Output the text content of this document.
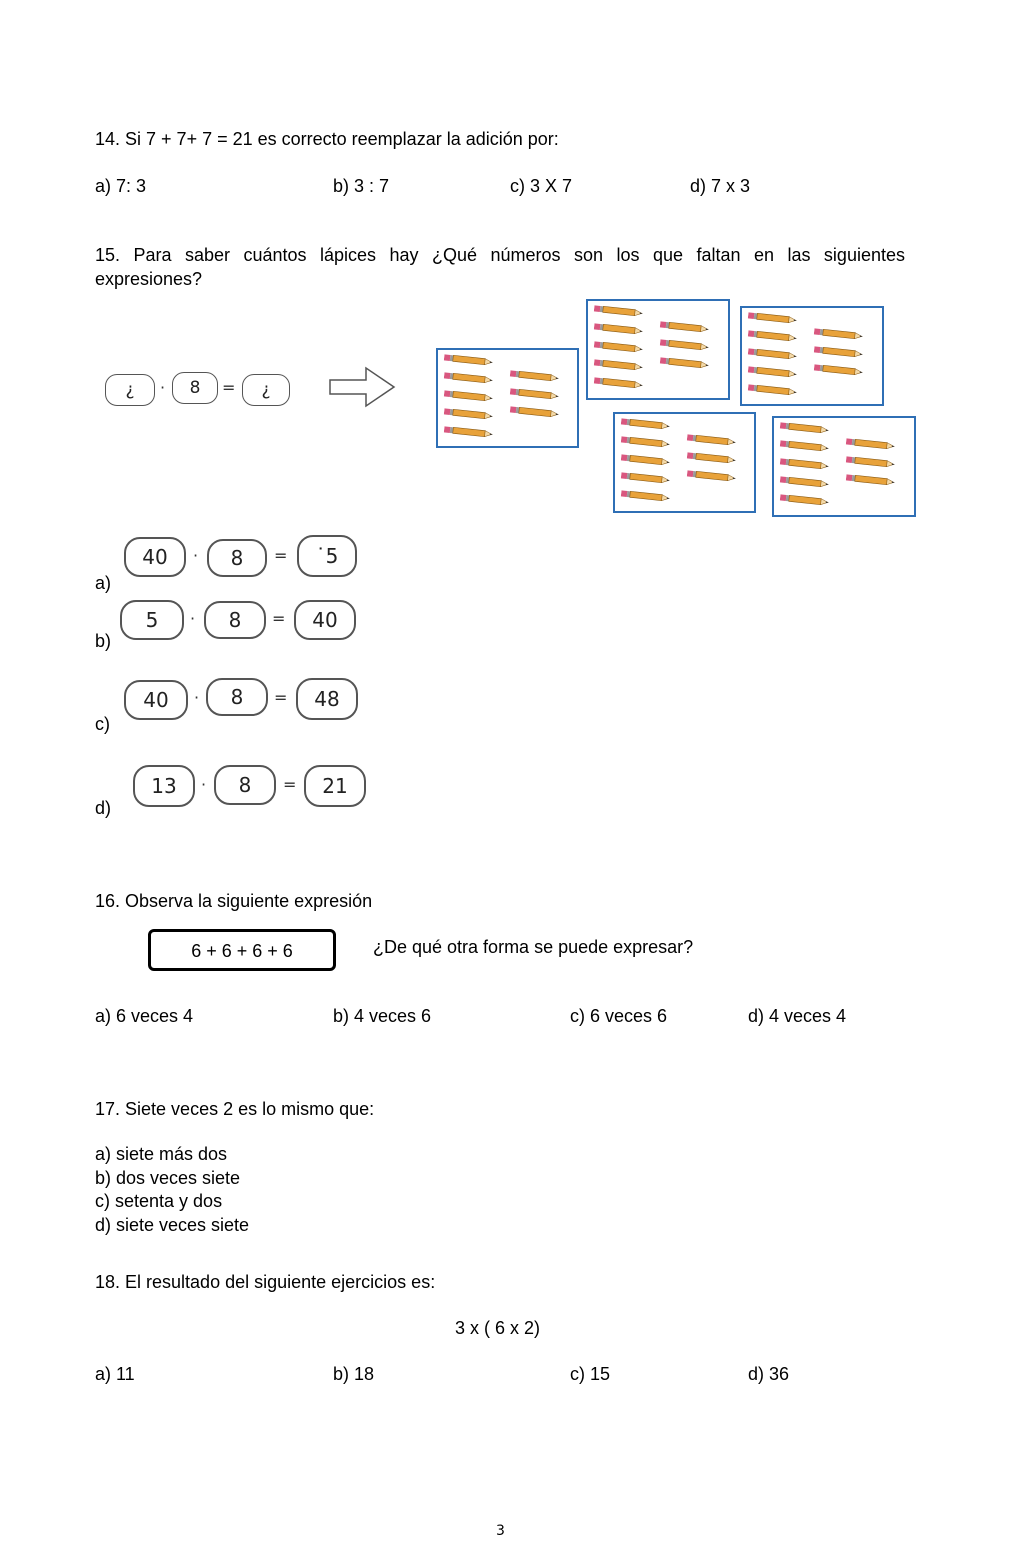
14. Si 7 + 7+ 7 = 21 es correcto reemplazar la adición por:
a) 7: 3	b) 3 : 7	c) 3 X 7	d) 7 x 3
15. Para saber cuántos lápices hay ¿Qué números son los que faltan en las siguientes
expresiones?
¿	·	8	=	¿
a)
40	·	8	=	˙5
b)
5	·	8	=	40
c)
40	·	8	=	48
d)
13	·	8	=	21
16. Observa la siguiente expresión
6 + 6 + 6 + 6	¿De qué otra forma se puede expresar?
a) 6 veces 4	b) 4 veces 6	c) 6 veces 6	d) 4 veces 4
17. Siete veces 2 es lo mismo que:
a) siete más dos
b) dos veces siete
c) setenta y dos
d) siete veces siete
18. El resultado del siguiente ejercicios es:
3 x ( 6 x 2)
a) 11	b) 18	c) 15	d) 36
3
